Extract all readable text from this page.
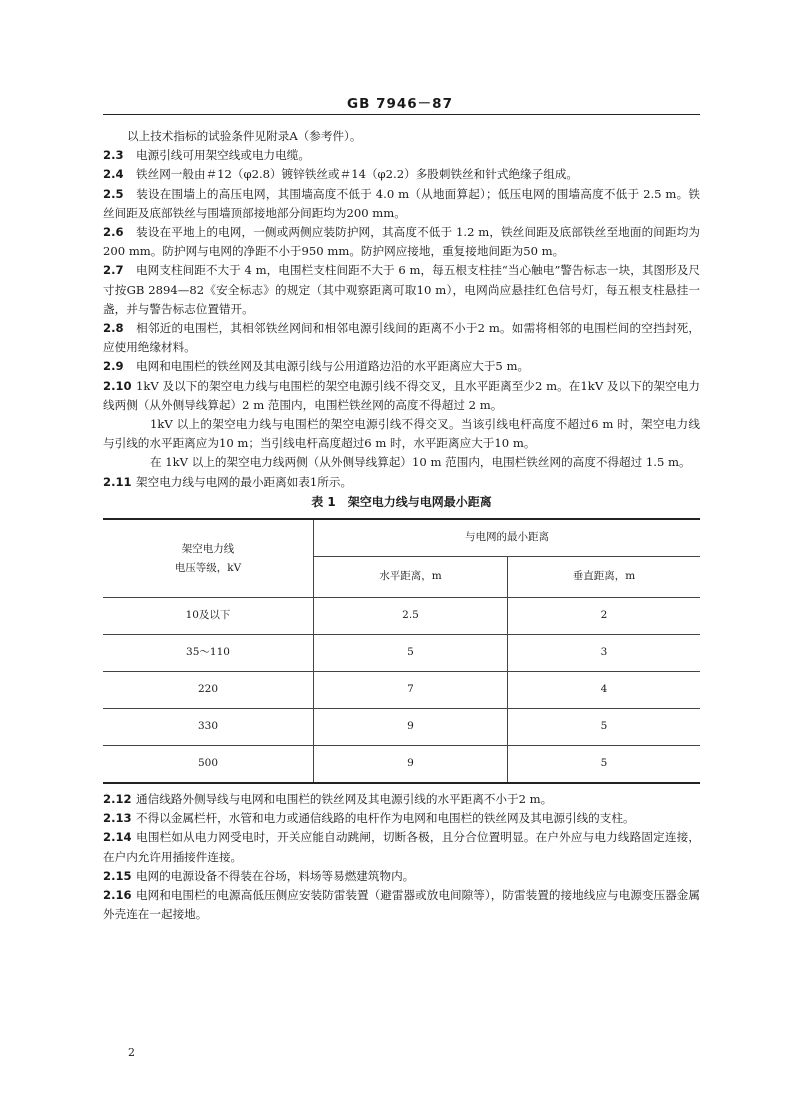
GB 7946－87

以上技术指标的试验条件见附录A（参考件）。

2.3 电源引线可用架空线或电力电缆。

2.4 铁丝网一般由＃12（φ2.8）镀锌铁丝或＃14（φ2.2）多股刺铁丝和针式绝缘子组成。

2.5 装设在围墙上的高压电网，其围墙高度不低于 4.0 m（从地面算起）；低压电网的围墙高度不低于 2.5 m。铁丝间距及底部铁丝与围墙顶部接地部分间距均为200 mm。

2.6 装设在平地上的电网，一侧或两侧应装防护网，其高度不低于 1.2 m，铁丝间距及底部铁丝至地面的间距均为200 mm。防护网与电网的净距不小于950 mm。防护网应接地，重复接地间距为50 m。

2.7 电网支柱间距不大于 4 m，电围栏支柱间距不大于 6 m，每五根支柱挂“当心触电”警告标志一块，其图形及尺寸按GB 2894—82《安全标志》的规定（其中观察距离可取10 m），电网尚应悬挂红色信号灯，每五根支柱悬挂一盏，并与警告标志位置错开。

2.8 相邻近的电围栏，其相邻铁丝网间和相邻电源引线间的距离不小于2 m。如需将相邻的电围栏间的空挡封死，应使用绝缘材料。

2.9 电网和电围栏的铁丝网及其电源引线与公用道路边沿的水平距离应大于5 m。

2.10 1kV 及以下的架空电力线与电围栏的架空电源引线不得交叉，且水平距离至少2 m。在1kV 及以下的架空电力线两侧（从外侧导线算起）2 m 范围内，电围栏铁丝网的高度不得超过 2 m。

1kV 以上的架空电力线与电围栏的架空电源引线不得交叉。当该引线电杆高度不超过6 m 时，架空电力线与引线的水平距离应为10 m；当引线电杆高度超过6 m 时，水平距离应大于10 m。

在 1kV 以上的架空电力线两侧（从外侧导线算起）10 m 范围内，电围栏铁丝网的高度不得超过 1.5 m。

2.11 架空电力线与电网的最小距离如表1所示。

表 1　架空电力线与电网最小距离
架空电力线
电压等级，kV	与电网的最小距离	
	水平距离，m	垂直距离，m
10及以下	2.5	2
35～110	5	3
220	7	4
330	9	5
500	9	5

2.12 通信线路外侧导线与电网和电围栏的铁丝网及其电源引线的水平距离不小于2 m。

2.13 不得以金属栏杆，水管和电力或通信线路的电杆作为电网和电围栏的铁丝网及其电源引线的支柱。

2.14 电围栏如从电力网受电时，开关应能自动跳闸，切断各极，且分合位置明显。在户外应与电力线路固定连接，在户内允许用插接件连接。

2.15 电网的电源设备不得装在谷场，料场等易燃建筑物内。

2.16 电网和电围栏的电源高低压侧应安装防雷装置（避雷器或放电间隙等），防雷装置的接地线应与电源变压器金属外壳连在一起接地。

2
